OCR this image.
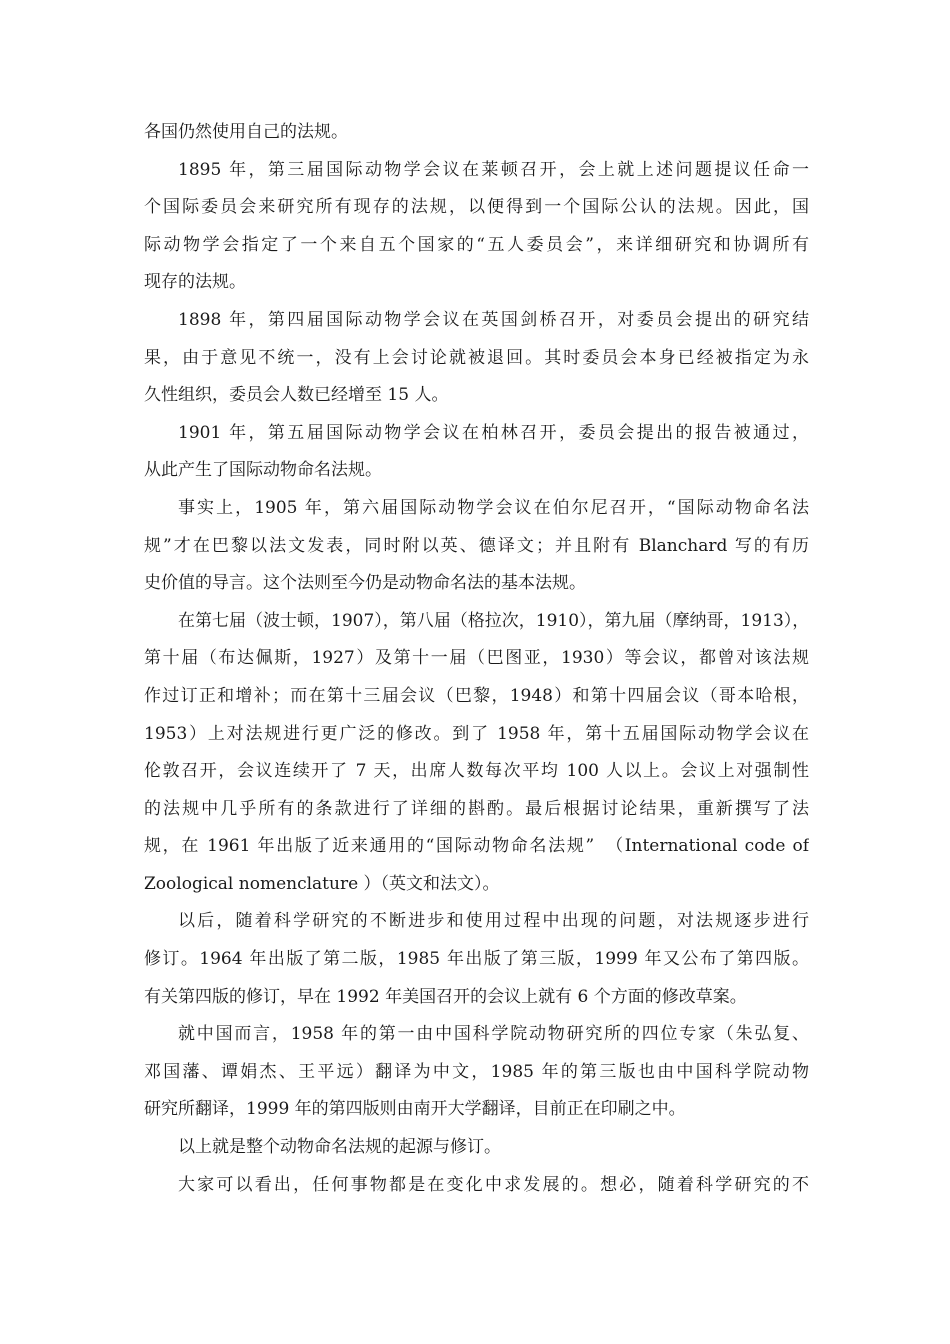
各国仍然使用自己的法规。
1895 年，第三届国际动物学会议在莱顿召开，会上就上述问题提议任命一
个国际委员会来研究所有现存的法规，以便得到一个国际公认的法规。因此，国
际动物学会指定了一个来自五个国家的“五人委员会”，来详细研究和协调所有
现存的法规。
1898 年，第四届国际动物学会议在英国剑桥召开，对委员会提出的研究结
果，由于意见不统一，没有上会讨论就被退回。其时委员会本身已经被指定为永
久性组织，委员会人数已经增至 15 人。
1901 年，第五届国际动物学会议在柏林召开，委员会提出的报告被通过，
从此产生了国际动物命名法规。
事实上，1905 年，第六届国际动物学会议在伯尔尼召开，“国际动物命名法
规”才在巴黎以法文发表，同时附以英、德译文；并且附有 Blanchard 写的有历
史价值的导言。这个法则至今仍是动物命名法的基本法规。
在第七届（波士顿，1907），第八届（格拉次，1910），第九届（摩纳哥，1913），
第十届（布达佩斯，1927）及第十一届（巴图亚，1930）等会议，都曾对该法规
作过订正和增补；而在第十三届会议（巴黎，1948）和第十四届会议（哥本哈根，
1953）上对法规进行更广泛的修改。到了 1958 年，第十五届国际动物学会议在
伦敦召开，会议连续开了 7 天，出席人数每次平均 100 人以上。会议上对强制性
的法规中几乎所有的条款进行了详细的斟酌。最后根据讨论结果，重新撰写了法
规，在 1961 年出版了近来通用的“国际动物命名法规”　（International code of
Zoological nomenclature ）（英文和法文）。
以后，随着科学研究的不断进步和使用过程中出现的问题，对法规逐步进行
修订。1964 年出版了第二版，1985 年出版了第三版，1999 年又公布了第四版。
有关第四版的修订，早在 1992 年美国召开的会议上就有 6 个方面的修改草案。
就中国而言，1958 年的第一由中国科学院动物研究所的四位专家（朱弘复、
邓国藩、谭娟杰、王平远）翻译为中文，1985 年的第三版也由中国科学院动物
研究所翻译，1999 年的第四版则由南开大学翻译，目前正在印刷之中。
以上就是整个动物命名法规的起源与修订。
大家可以看出，任何事物都是在变化中求发展的。想必，随着科学研究的不
